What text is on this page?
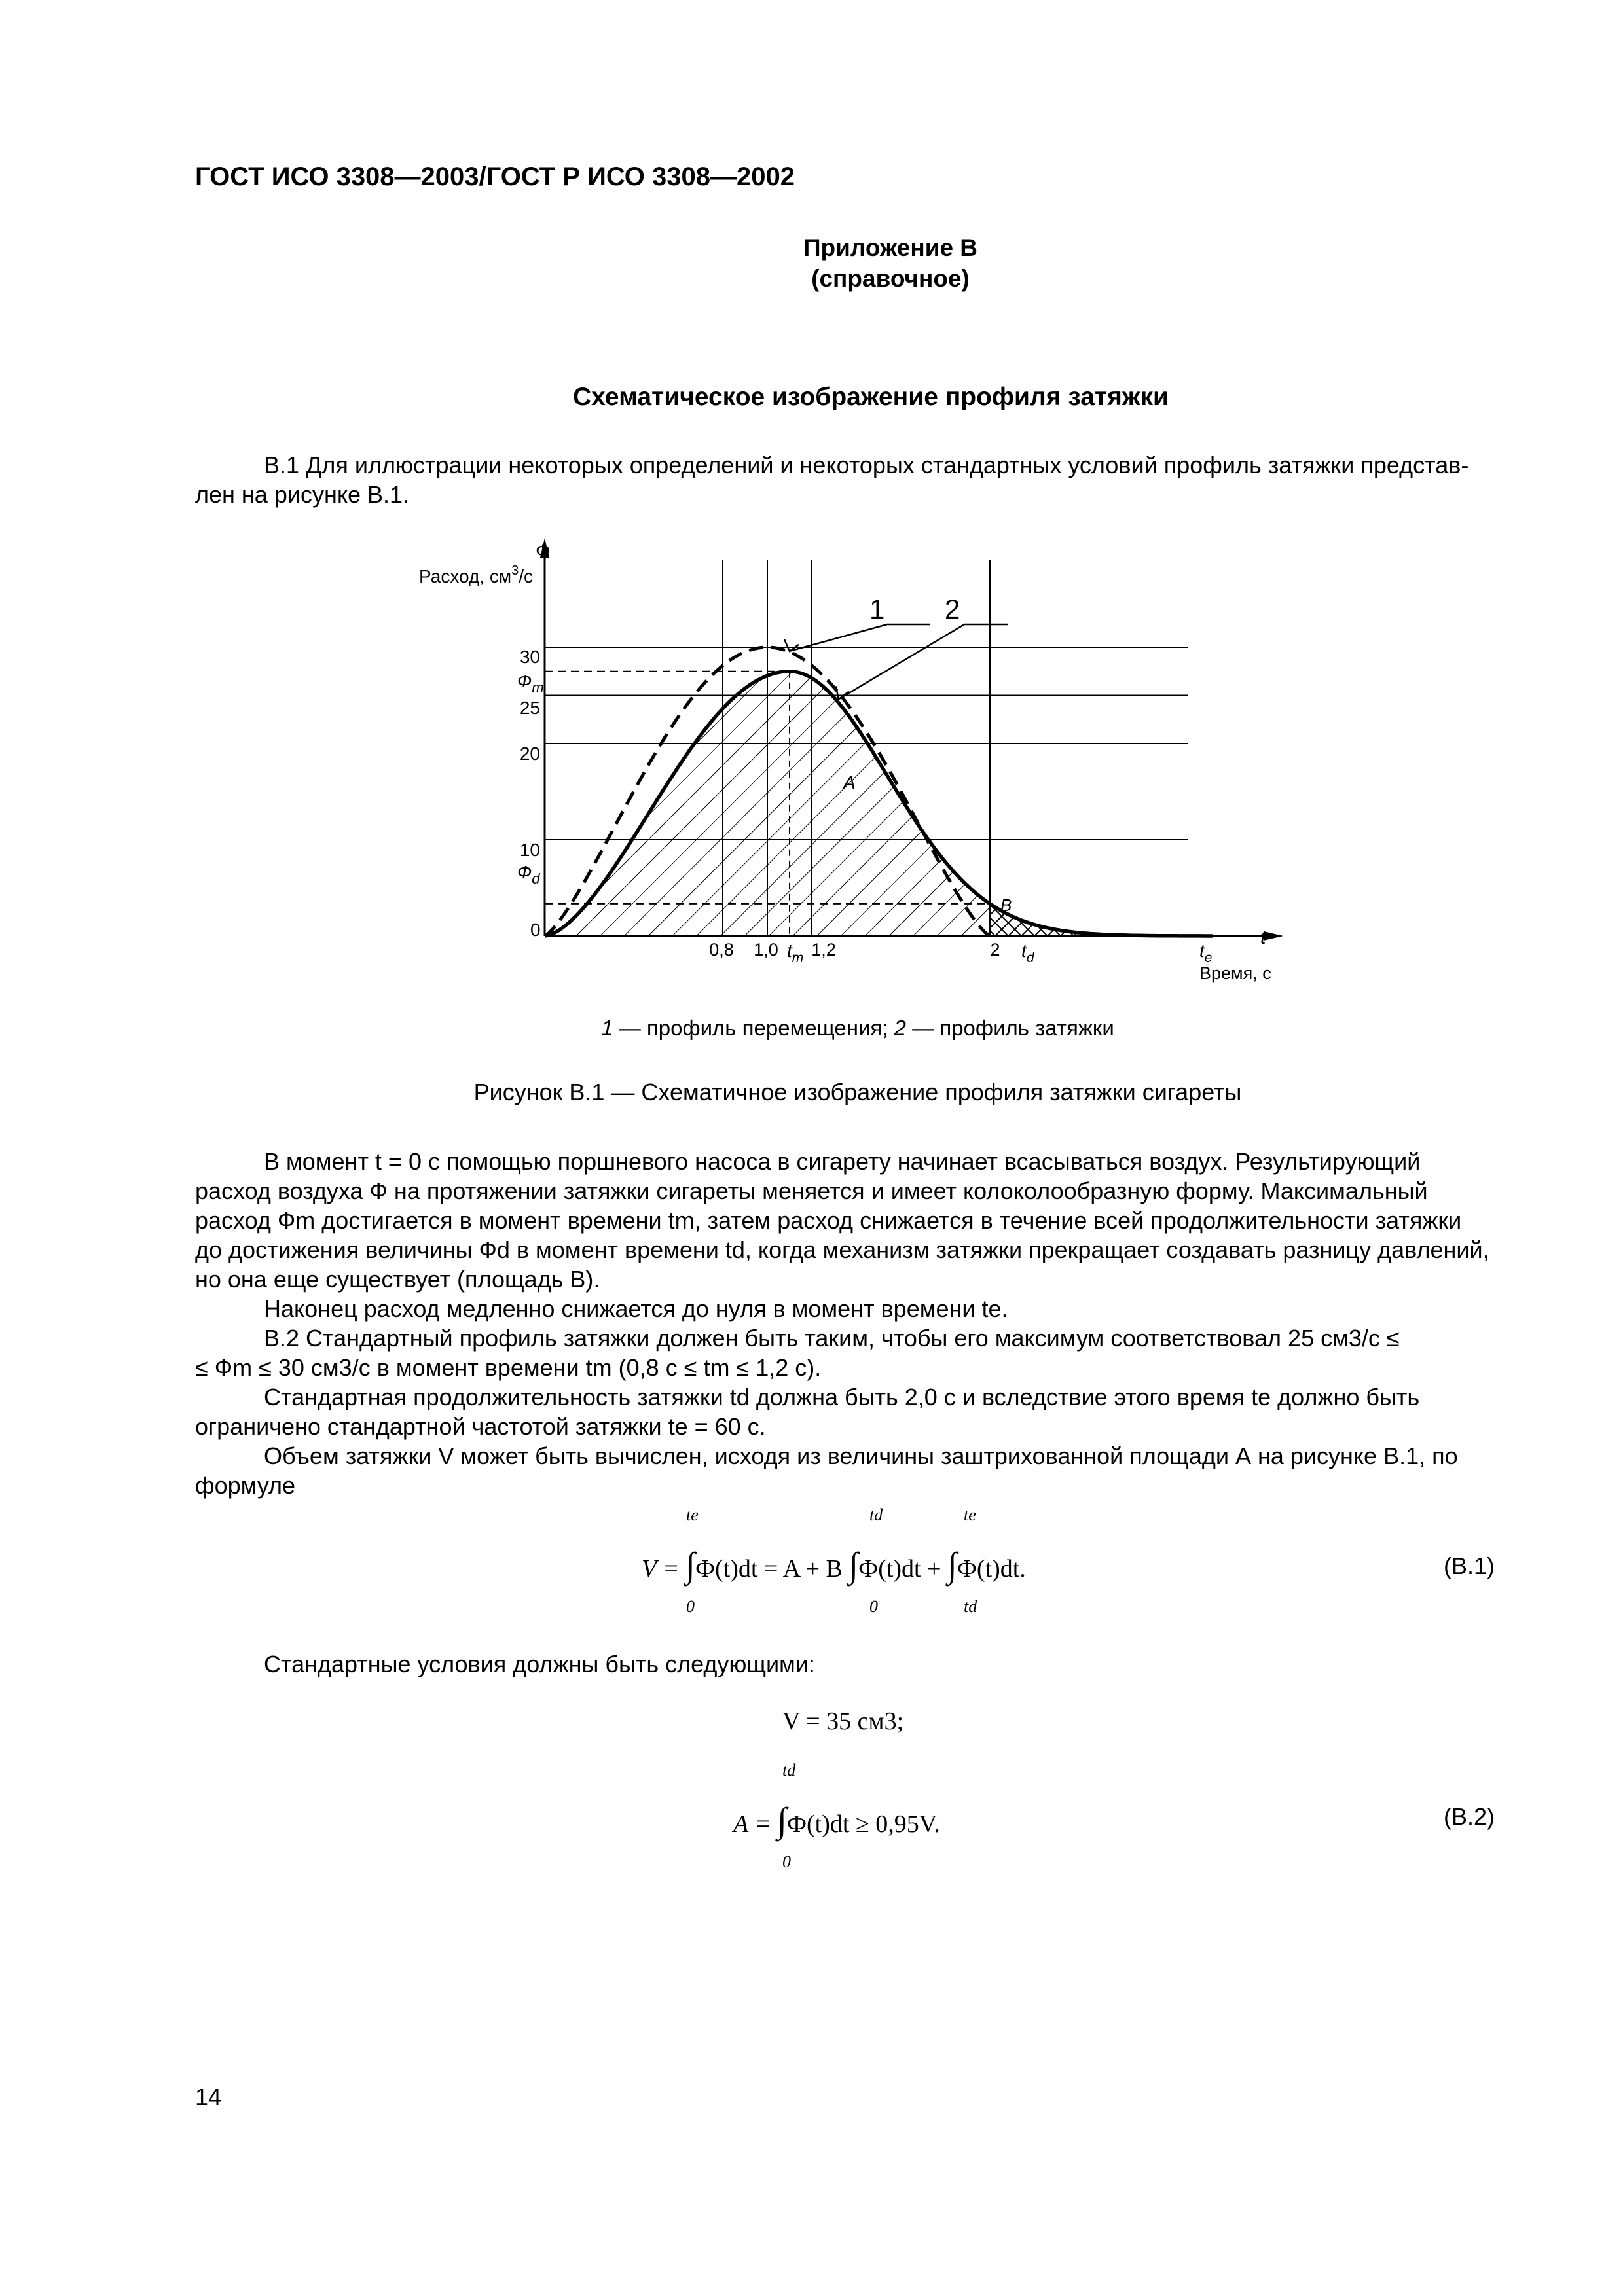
ГОСТ ИСО 3308—2003/ГОСТ Р ИСО 3308—2002
Приложение В
(справочное)
Схематическое изображение профиля затяжки
В.1 Для иллюстрации некоторых определений и некоторых стандартных условий профиль затяжки представ-
лен на рисунке В.1.
Ф
Расход, $см^3/с$
30
25
20
10
$Ф_m$
$Ф_d$
0
0,8 1,0 $t_m$ 1,2	2 $t_d$	$t_e$
t
Время, с
A
B
1 2
1 — профиль перемещения; 2 — профиль затяжки
Рисунок В.1 — Схематичное изображение профиля затяжки сигареты
В момент t = 0 с помощью поршневого насоса в сигарету начинает всасываться воздух. Результирующий
расход воздуха Ф на протяжении затяжки сигареты меняется и имеет колоколообразную форму. Максимальный
расход Фm достигается в момент времени tm, затем расход снижается в течение всей продолжительности затяжки
до достижения величины Фd в момент времени td, когда механизм затяжки прекращает создавать разницу давлений,
но она еще существует (площадь В).
Наконец расход медленно снижается до нуля в момент времени te.
В.2 Стандартный профиль затяжки должен быть таким, чтобы его максимум соответствовал 25 см3/с ≤
≤ Фm ≤ 30 см3/с в момент времени tm (0,8 с ≤ tm ≤ 1,2 с).
Стандартная продолжительность затяжки td должна быть 2,0 с и вследствие этого время te должно быть
ограничено стандартной частотой затяжки te = 60 с.
Объем затяжки V может быть вычислен, исходя из величины заштрихованной площади А на рисунке В.1, по
формуле
te
0
td
0
te
td
V = ∫Ф(t)dt = A + B ∫Ф(t)dt + ∫Ф(t)dt.	(В.1)
Стандартные условия должны быть следующими:
V = 35 см3;
td
0
A = ∫Ф(t)dt ≥ 0,95V.	(В.2)
14
